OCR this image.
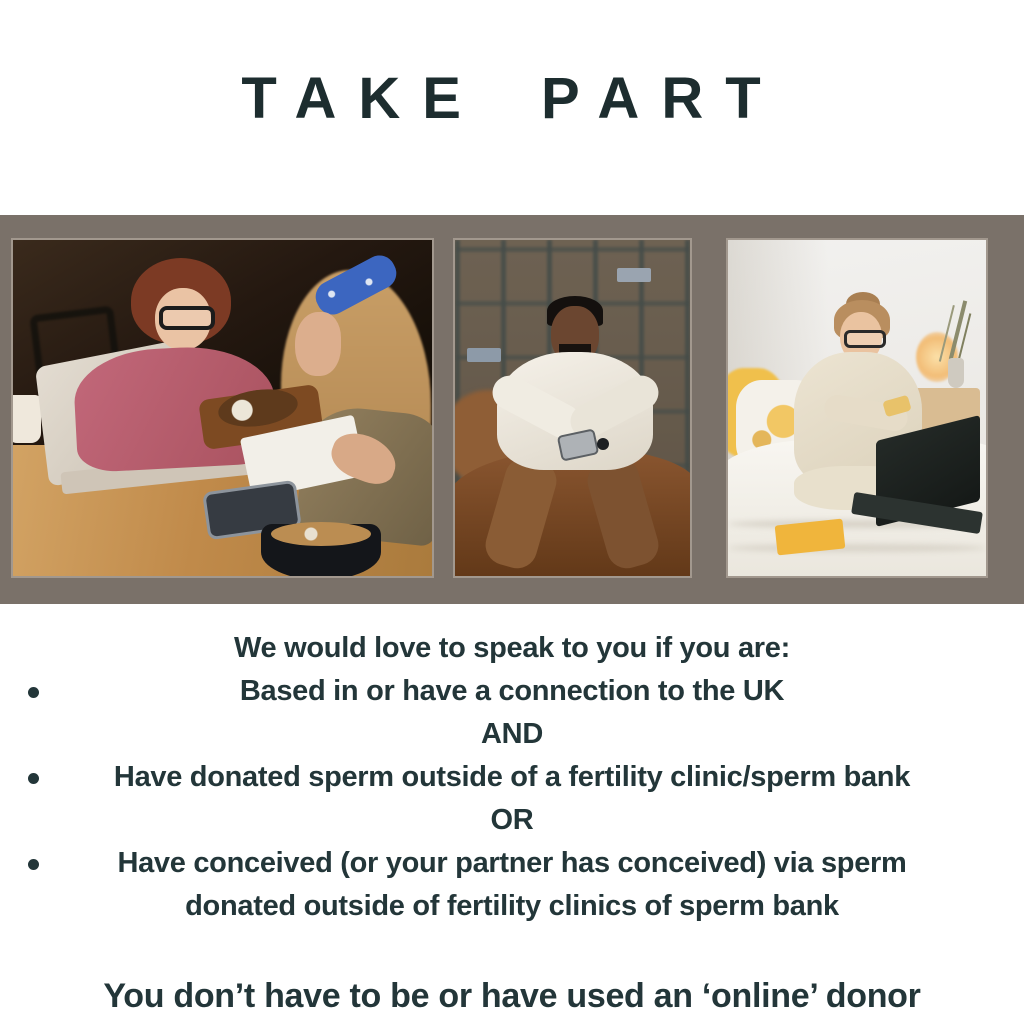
TAKE PART

We would love to speak to you if you are:

Based in or have a connection to the UK

AND

Have donated sperm outside of a fertility clinic/sperm bank

OR

Have conceived (or your partner has conceived) via sperm donated outside of fertility clinics of sperm bank

You don’t have to be or have used an ‘online’ donor
